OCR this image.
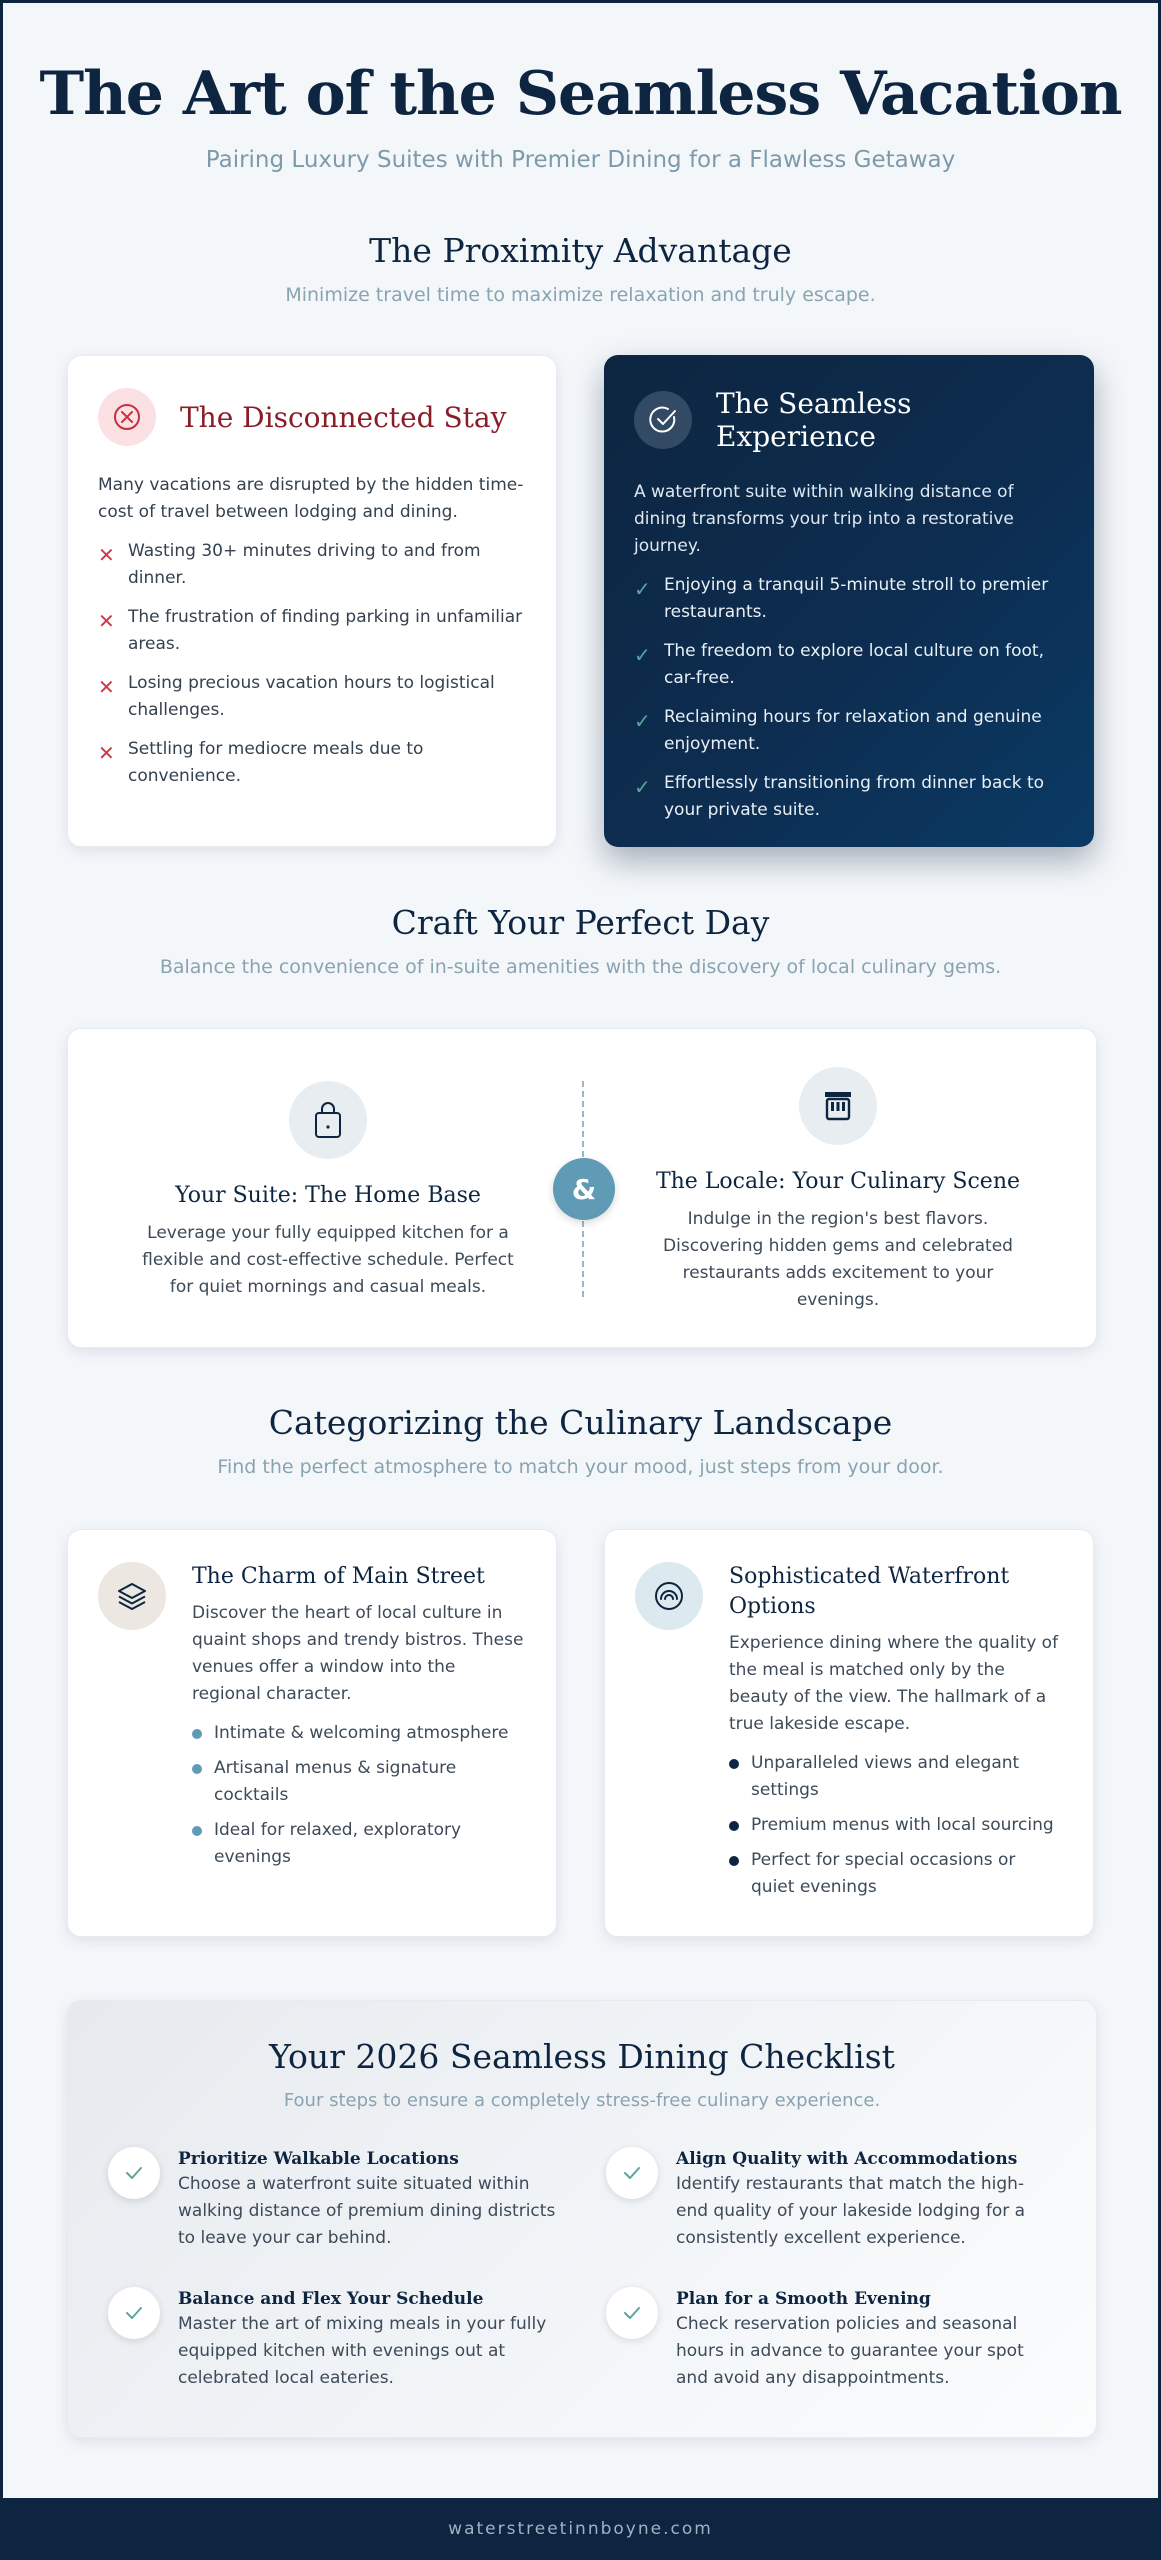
The Art of the Seamless Vacation

Pairing Luxury Suites with Premier Dining for a Flawless Getaway

The Proximity Advantage

Minimize travel time to maximize relaxation and truly escape.

The Disconnected Stay

Many vacations are disrupted by the hidden time-cost of travel between lodging and dining.

✕ Wasting 30+ minutes driving to and from dinner.
✕ The frustration of finding parking in unfamiliar areas.
✕ Losing precious vacation hours to logistical challenges.
✕ Settling for mediocre meals due to convenience.
The Seamless Experience

A waterfront suite within walking distance of dining transforms your trip into a restorative journey.

✓ Enjoying a tranquil 5-minute stroll to premier restaurants.
✓ The freedom to explore local culture on foot, car-free.
✓ Reclaiming hours for relaxation and genuine enjoyment.
✓ Effortlessly transitioning from dinner back to your private suite.
Craft Your Perfect Day

Balance the convenience of in-suite amenities with the discovery of local culinary gems.

Your Suite: The Home Base

Leverage your fully equipped kitchen for a flexible and cost-effective schedule. Perfect for quiet mornings and casual meals.

&	The Locale: Your Culinary Scene

Indulge in the region's best flavors. Discovering hidden gems and celebrated restaurants adds excitement to your evenings.

Categorizing the Culinary Landscape

Find the perfect atmosphere to match your mood, just steps from your door.

The Charm of Main Street

Discover the heart of local culture in quaint shops and trendy bistros. These venues offer a window into the regional character.

Intimate & welcoming atmosphere
Artisanal menus & signature cocktails
Ideal for relaxed, exploratory evenings
Sophisticated Waterfront Options

Experience dining where the quality of the meal is matched only by the beauty of the view. The hallmark of a true lakeside escape.

Unparalleled views and elegant settings
Premium menus with local sourcing
Perfect for special occasions or quiet evenings
Your 2026 Seamless Dining Checklist

Four steps to ensure a completely stress-free culinary experience.

Prioritize Walkable Locations

Choose a waterfront suite situated within walking distance of premium dining districts to leave your car behind.

Align Quality with Accommodations

Identify restaurants that match the high-end quality of your lakeside lodging for a consistently excellent experience.

Balance and Flex Your Schedule

Master the art of mixing meals in your fully equipped kitchen with evenings out at celebrated local eateries.

Plan for a Smooth Evening

Check reservation policies and seasonal hours in advance to guarantee your spot and avoid any disappointments.

waterstreetinnboyne.com
